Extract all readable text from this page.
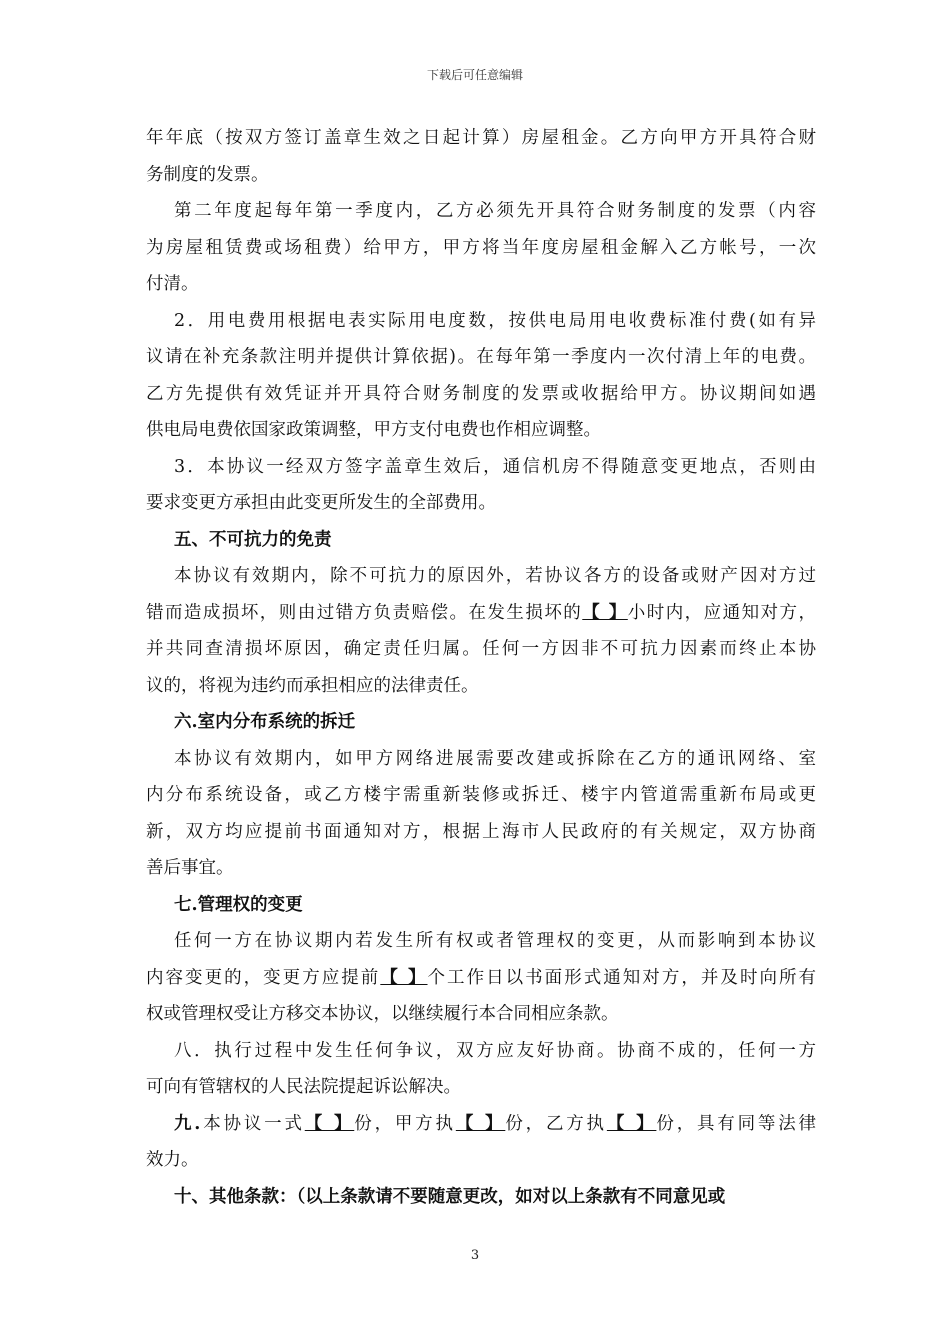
下载后可任意编辑
年年底（按双方签订盖章生效之日起计算）房屋租金。乙方向甲方开具符合财
务制度的发票。
第二年度起每年第一季度内，乙方必须先开具符合财务制度的发票（内容
为房屋租赁费或场租费）给甲方，甲方将当年度房屋租金解入乙方帐号，一次
付清。
2．用电费用根据电表实际用电度数，按供电局用电收费标准付费(如有异
议请在补充条款注明并提供计算依据)。在每年第一季度内一次付清上年的电费。
乙方先提供有效凭证并开具符合财务制度的发票或收据给甲方。协议期间如遇
供电局电费依国家政策调整，甲方支付电费也作相应调整。
3．本协议一经双方签字盖章生效后，通信机房不得随意变更地点，否则由
要求变更方承担由此变更所发生的全部费用。
五、不可抗力的免责
本协议有效期内，除不可抗力的原因外，若协议各方的设备或财产因对方过
错而造成损坏，则由过错方负责赔偿。在发生损坏的【 】小时内，应通知对方，
并共同查清损坏原因，确定责任归属。任何一方因非不可抗力因素而终止本协
议的，将视为违约而承担相应的法律责任。
六.室内分布系统的拆迁
本协议有效期内，如甲方网络进展需要改建或拆除在乙方的通讯网络、室
内分布系统设备，或乙方楼宇需重新装修或拆迁、楼宇内管道需重新布局或更
新，双方均应提前书面通知对方，根据上海市人民政府的有关规定，双方协商
善后事宜。
七.管理权的变更
任何一方在协议期内若发生所有权或者管理权的变更，从而影响到本协议
内容变更的，变更方应提前【 】个工作日以书面形式通知对方，并及时向所有
权或管理权受让方移交本协议，以继续履行本合同相应条款。
八．执行过程中发生任何争议，双方应友好协商。协商不成的，任何一方
可向有管辖权的人民法院提起诉讼解决。
九.本协议一式【 】份，甲方执【 】份，乙方执【 】份，具有同等法律
效力。
十、其他条款：（以上条款请不要随意更改，如对以上条款有不同意见或
3
